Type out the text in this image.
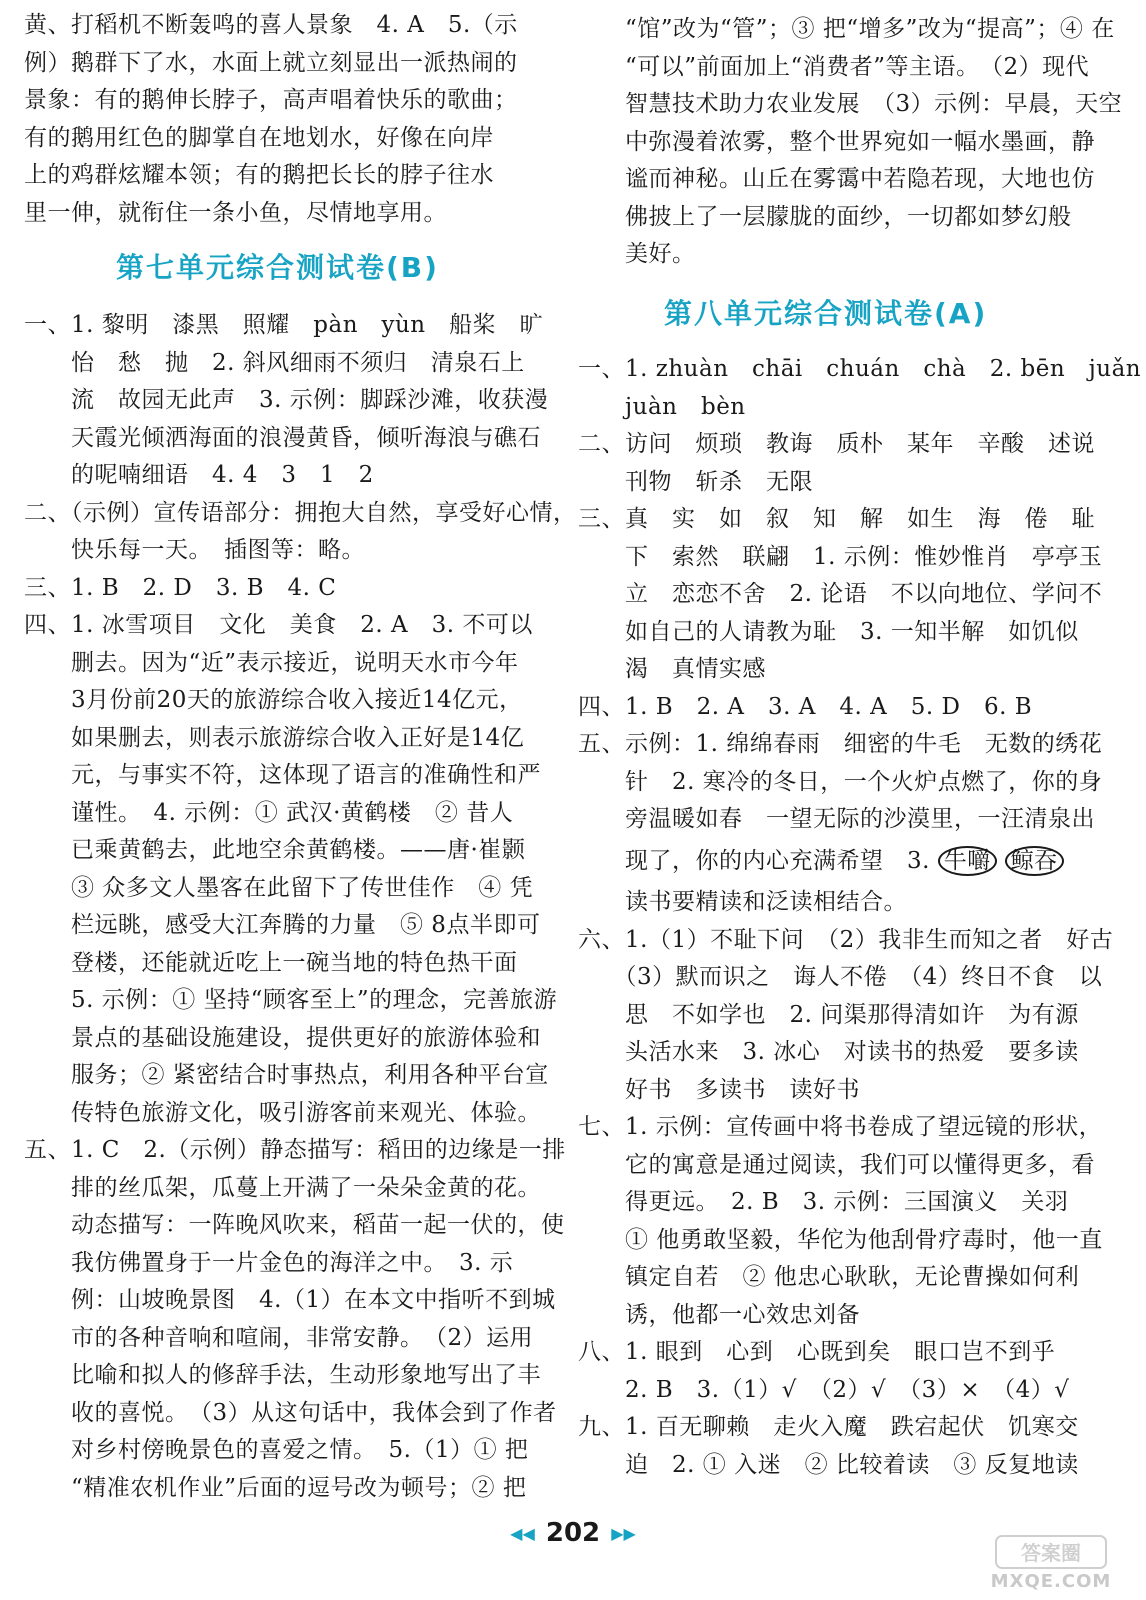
黄、打稻机不断轰鸣的喜人景象　4. A　5.（示
例）鹅群下了水，水面上就立刻显出一派热闹的
景象：有的鹅伸长脖子，高声唱着快乐的歌曲；
有的鹅用红色的脚掌自在地划水，好像在向岸
上的鸡群炫耀本领；有的鹅把长长的脖子往水
里一伸，就衔住一条小鱼，尽情地享用。
第七单元综合测试卷(B)
一、1. 黎明　漆黑　照耀　pàn　yùn　船桨　旷
　　怡　愁　抛　2. 斜风细雨不须归　清泉石上
　　流　故园无此声　3. 示例：脚踩沙滩，收获漫
　　天霞光倾洒海面的浪漫黄昏，倾听海浪与礁石
　　的呢喃细语　4. 4　3　1　2
二、（示例）宣传语部分：拥抱大自然，享受好心情，
　　快乐每一天。　插图等：略。
三、1. B　2. D　3. B　4. C
四、1. 冰雪项目　文化　美食　2. A　3. 不可以
　　删去。因为“近”表示接近，说明天水市今年
　　3月份前20天的旅游综合收入接近14亿元，
　　如果删去，则表示旅游综合收入正好是14亿
　　元，与事实不符，这体现了语言的准确性和严
　　谨性。　4. 示例：① 武汉·黄鹤楼　② 昔人
　　已乘黄鹤去，此地空余黄鹤楼。——唐·崔颢
　　③ 众多文人墨客在此留下了传世佳作　④ 凭
　　栏远眺，感受大江奔腾的力量　⑤ 8点半即可
　　登楼，还能就近吃上一碗当地的特色热干面
　　5. 示例：① 坚持“顾客至上”的理念，完善旅游
　　景点的基础设施建设，提供更好的旅游体验和
　　服务；② 紧密结合时事热点，利用各种平台宣
　　传特色旅游文化，吸引游客前来观光、体验。
五、1. C　2.（示例）静态描写：稻田的边缘是一排
　　排的丝瓜架，瓜蔓上开满了一朵朵金黄的花。
　　动态描写：一阵晚风吹来，稻苗一起一伏的，使
　　我仿佛置身于一片金色的海洋之中。　3. 示
　　例：山坡晚景图　4.（1）在本文中指听不到城
　　市的各种音响和喧闹，非常安静。　（2）运用
　　比喻和拟人的修辞手法，生动形象地写出了丰
　　收的喜悦。　（3）从这句话中，我体会到了作者
　　对乡村傍晚景色的喜爱之情。　5.（1）① 把
　　“精准农机作业”后面的逗号改为顿号；② 把
　　“馆”改为“管”；③ 把“增多”改为“提高”；④ 在
　　“可以”前面加上“消费者”等主语。　（2）现代
　　智慧技术助力农业发展　（3）示例：早晨，天空
　　中弥漫着浓雾，整个世界宛如一幅水墨画，静
　　谧而神秘。山丘在雾霭中若隐若现，大地也仿
　　佛披上了一层朦胧的面纱，一切都如梦幻般
　　美好。
第八单元综合测试卷(A)
一、1. zhuàn　chāi　chuán　chà　2. bēn　juǎn
　　juàn　bèn
二、访问　烦琐　教诲　质朴　某年　辛酸　述说
　　刊物　斩杀　无限
三、真　实　如　叙　知　解　如生　海　倦　耻
　　下　索然　联翩　1. 示例：惟妙惟肖　亭亭玉
　　立　恋恋不舍　2. 论语　不以向地位、学问不
　　如自己的人请教为耻　3. 一知半解　如饥似
　　渴　真情实感
四、1. B　2. A　3. A　4. A　5. D　6. B
五、示例：1. 绵绵春雨　细密的牛毛　无数的绣花
　　针　2. 寒冷的冬日，一个火炉点燃了，你的身
　　旁温暖如春　一望无际的沙漠里，一汪清泉出
　　现了，你的内心充满希望　3. 牛嚼 鲸吞
　　读书要精读和泛读相结合。
六、1.（1）不耻下问　（2）我非生而知之者　好古
　　（3）默而识之　诲人不倦　（4）终日不食　以
　　思　不如学也　2. 问渠那得清如许　为有源
　　头活水来　3. 冰心　对读书的热爱　要多读
　　好书　多读书　读好书
七、1. 示例：宣传画中将书卷成了望远镜的形状，
　　它的寓意是通过阅读，我们可以懂得更多，看
　　得更远。　2. B　3. 示例：三国演义　关羽
　　① 他勇敢坚毅，华佗为他刮骨疗毒时，他一直
　　镇定自若　② 他忠心耿耿，无论曹操如何利
　　诱，他都一心效忠刘备
八、1. 眼到　心到　心既到矣　眼口岂不到乎
　　2. B　3.（1）√　（2）√　（3）×　（4）√
九、1. 百无聊赖　走火入魔　跌宕起伏　饥寒交
　　迫　2. ① 入迷　② 比较着读　③ 反复地读
◀◀ 202 ▶▶
答案圈
MXQE.COM
